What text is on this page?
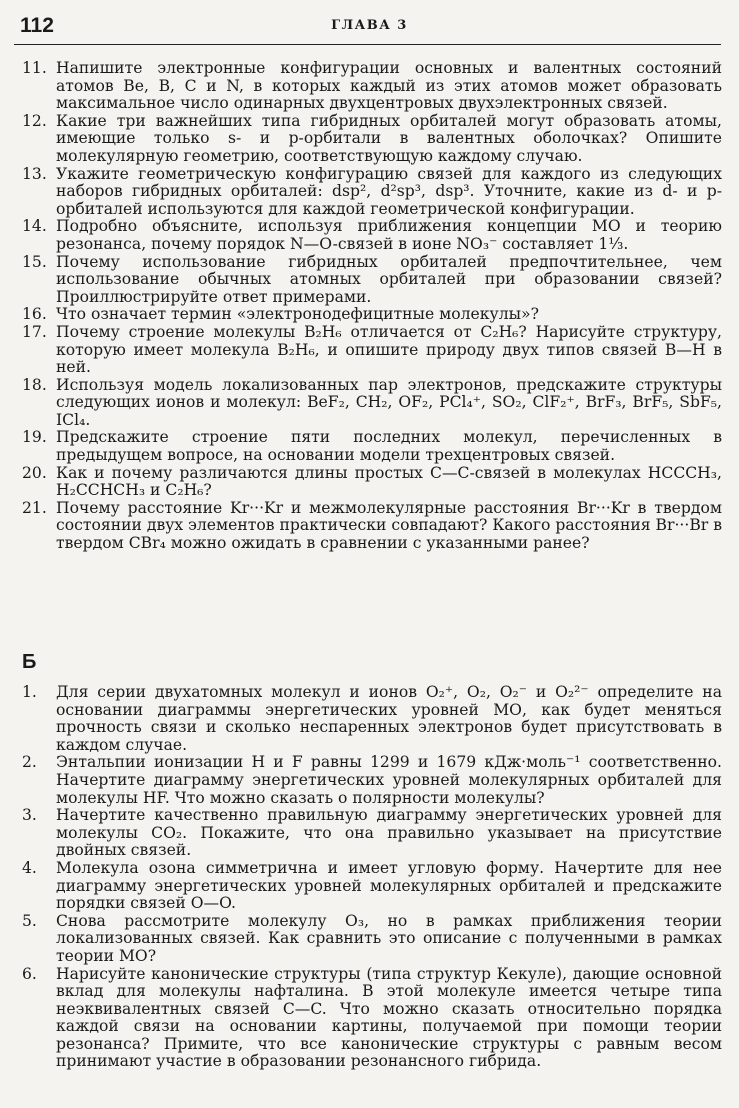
112	ГЛАВА 3
11. Напишите электронные конфигурации основных и валентных состояний атомов Be, B, C и N, в которых каждый из этих атомов может образовать максимальное число одинарных двухцентровых двухэлектронных связей.
12. Какие три важнейших типа гибридных орбиталей могут образовать атомы, имеющие только s- и p-орбитали в валентных оболочках? Опишите молекулярную геометрию, соответствующую каждому случаю.
13. Укажите геометрическую конфигурацию связей для каждого из следующих наборов гибридных орбиталей: dsp², d²sp³, dsp³. Уточните, какие из d- и p-орбиталей используются для каждой геометрической конфигурации.
14. Подробно объясните, используя приближения концепции МО и теорию резонанса, почему порядок N—O-связей в ионе NO₃⁻ составляет 1⅓.
15. Почему использование гибридных орбиталей предпочтительнее, чем использование обычных атомных орбиталей при образовании связей? Проиллюстрируйте ответ примерами.
16. Что означает термин «электронодефицитные молекулы»?
17. Почему строение молекулы B₂H₆ отличается от C₂H₆? Нарисуйте структуру, которую имеет молекула B₂H₆, и опишите природу двух типов связей B—H в ней.
18. Используя модель локализованных пар электронов, предскажите структуры следующих ионов и молекул: BeF₂, CH₂, OF₂, PCl₄⁺, SO₂, ClF₂⁺, BrF₃, BrF₅, SbF₅, ICl₄.
19. Предскажите строение пяти последних молекул, перечисленных в предыдущем вопросе, на основании модели трехцентровых связей.
20. Как и почему различаются длины простых C—C-связей в молекулах HCCCH₃, H₂CCHCH₃ и C₂H₆?
21. Почему расстояние Kr···Kr и межмолекулярные расстояния Br···Kr в твердом состоянии двух элементов практически совпадают? Какого расстояния Br···Br в твердом CBr₄ можно ожидать в сравнении с указанными ранее?
Б
1.	Для серии двухатомных молекул и ионов O₂⁺, O₂, O₂⁻ и O₂²⁻ определите на основании диаграммы энергетических уровней МО, как будет меняться прочность связи и сколько неспаренных электронов будет присутствовать в каждом случае.
2.	Энтальпии ионизации H и F равны 1299 и 1679 кДж·моль⁻¹ соответственно. Начертите диаграмму энергетических уровней молекулярных орбиталей для молекулы HF. Что можно сказать о полярности молекулы?
3.	Начертите качественно правильную диаграмму энергетических уровней для молекулы CO₂. Покажите, что она правильно указывает на присутствие двойных связей.
4.	Молекула озона симметрична и имеет угловую форму. Начертите для нее диаграмму энергетических уровней молекулярных орбиталей и предскажите порядки связей O—O.
5.	Снова рассмотрите молекулу O₃, но в рамках приближения теории локализованных связей. Как сравнить это описание с полученными в рамках теории МО?
6.	Нарисуйте канонические структуры (типа структур Кекуле), дающие основной вклад для молекулы нафталина. В этой молекуле имеется четыре типа неэквивалентных связей C—C. Что можно сказать относительно порядка каждой связи на основании картины, получаемой при помощи теории резонанса? Примите, что все канонические структуры с равным весом принимают участие в образовании резонансного гибрида.
